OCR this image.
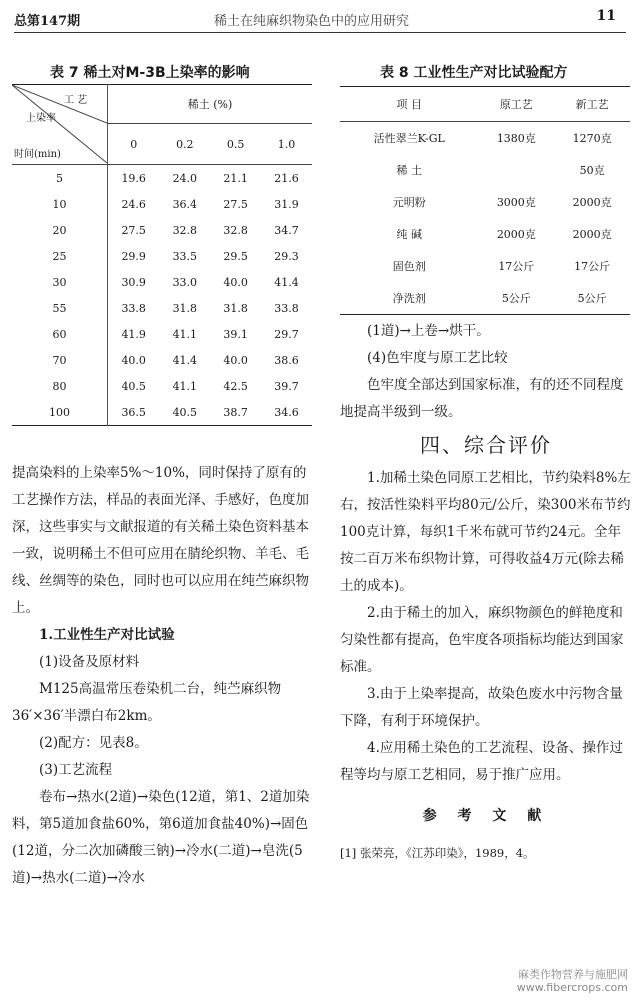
总第147期	稀土在纯麻织物染色中的应用研究	11
表 7 稀土对M-3B上染率的影响	表 8 工业性生产对比试验配方
工 艺
上染率
时间(min)	稀土 (%)			
	0	0.2	0.5	1.0
5	19.6	24.0	21.1	21.6
10	24.6	36.4	27.5	31.9
20	27.5	32.8	32.8	34.7
25	29.9	33.5	29.5	29.3
30	30.9	33.0	40.0	41.4
55	33.8	31.8	31.8	33.8
60	41.9	41.1	39.1	29.7
70	40.0	41.4	40.0	38.6
80	40.5	41.1	42.5	39.7
100	36.5	40.5	38.7	34.6
项 目	原工艺	新工艺
活性翠兰K-GL	1380克	1270克
稀 土		50克
元明粉	3000克	2000克
纯 碱	2000克	2000克
固色剂	17公斤	17公斤
净洗剂	5公斤	5公斤

提高染料的上染率5%～10%，同时保持了原有的工艺操作方法，样品的表面光泽、手感好，色度加深，这些事实与文献报道的有关稀土染色资料基本一致，说明稀土不但可应用在腈纶织物、羊毛、毛线、丝绸等的染色，同时也可以应用在纯苎麻织物上。

1.工业性生产对比试验

(1)设备及原材料

M125高温常压卷染机二台，纯苎麻织物36′×36′半漂白布2km。

(2)配方：见表8。

(3)工艺流程

卷布→热水(2道)→染色(12道，第1、2道加染料，第5道加食盐60%，第6道加食盐40%)→固色(12道，分二次加磷酸三钠)→冷水(二道)→皂洗(5道)→热水(二道)→冷水

(1道)→上卷→烘干。

(4)色牢度与原工艺比较

色牢度全部达到国家标准，有的还不同程度地提高半级到一级。

四、综合评价

1.加稀土染色同原工艺相比，节约染料8%左右，按活性染料平均80元/公斤，染300米布节约100克计算，每织1千米布就可节约24元。全年按二百万米布织物计算，可得收益4万元(除去稀土的成本)。

2.由于稀土的加入，麻织物颜色的鲜艳度和匀染性都有提高，色牢度各项指标均能达到国家标准。

3.由于上染率提高，故染色废水中污物含量下降，有利于环境保护。

4.应用稀土染色的工艺流程、设备、操作过程等均与原工艺相同，易于推广应用。

参 考 文 献

[1] 张荣亮，《江苏印染》，1989，4。

麻类作物营养与施肥网
www.fibercrops.com
